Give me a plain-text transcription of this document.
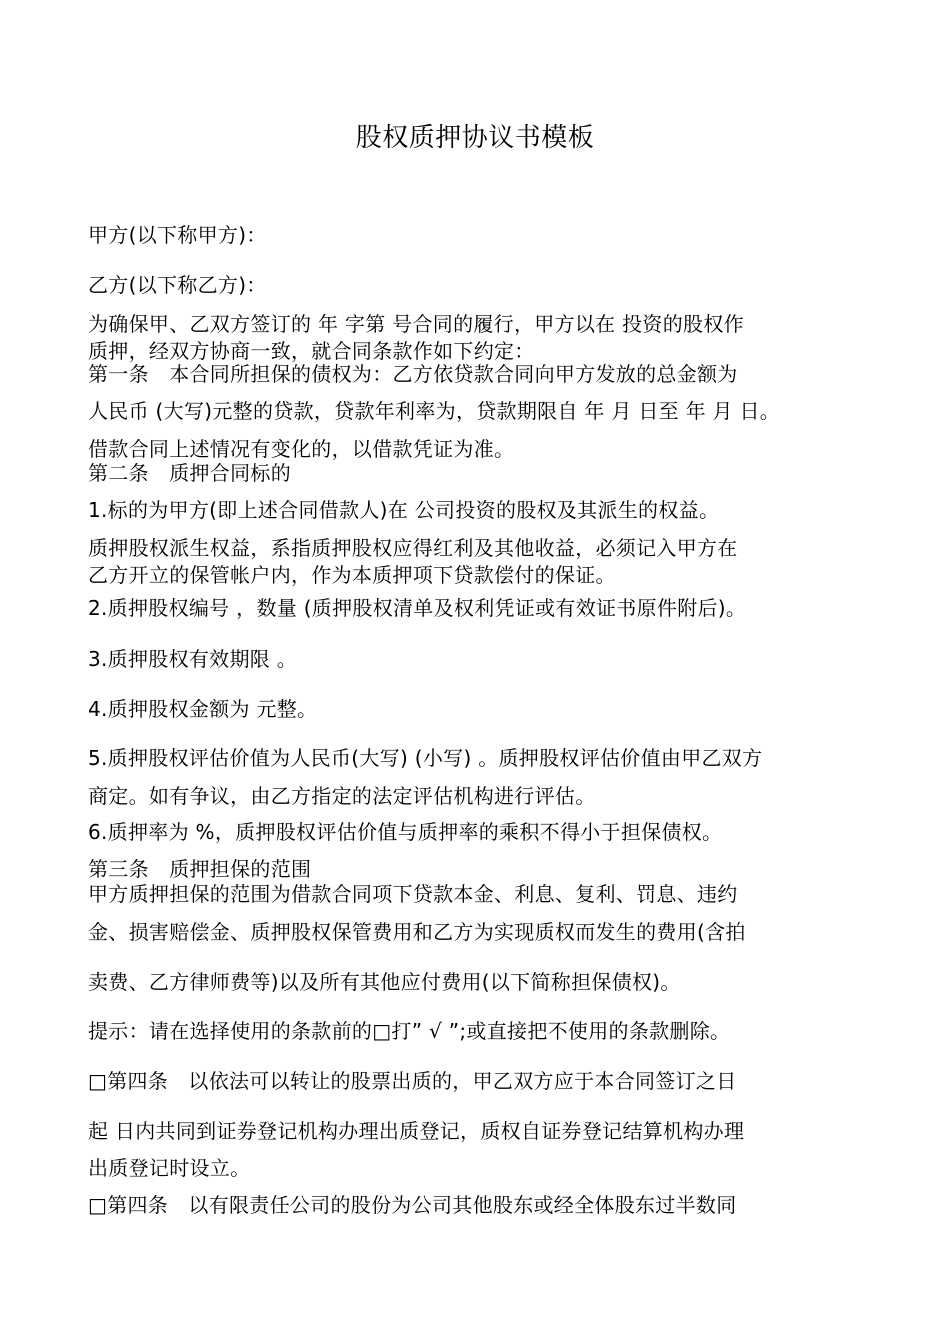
股权质押协议书模板
甲方(以下称甲方)：
乙方(以下称乙方)：
为确保甲、乙双方签订的 年 字第 号合同的履行，甲方以在 投资的股权作
质押，经双方协商一致，就合同条款作如下约定：
第一条　本合同所担保的债权为：乙方依贷款合同向甲方发放的总金额为
人民币 (大写)元整的贷款，贷款年利率为，贷款期限自 年 月 日至 年 月 日。
借款合同上述情况有变化的，以借款凭证为准。
第二条　质押合同标的
1.标的为甲方(即上述合同借款人)在 公司投资的股权及其派生的权益。
质押股权派生权益，系指质押股权应得红利及其他收益，必须记入甲方在
乙方开立的保管帐户内，作为本质押项下贷款偿付的保证。
2.质押股权编号 ，数量 (质押股权清单及权利凭证或有效证书原件附后)。
3.质押股权有效期限 。
4.质押股权金额为 元整。
5.质押股权评估价值为人民币(大写) (小写) 。质押股权评估价值由甲乙双方
商定。如有争议，由乙方指定的法定评估机构进行评估。
6.质押率为 %，质押股权评估价值与质押率的乘积不得小于担保债权。
第三条　质押担保的范围
甲方质押担保的范围为借款合同项下贷款本金、利息、复利、罚息、违约
金、损害赔偿金、质押股权保管费用和乙方为实现质权而发生的费用(含拍
卖费、乙方律师费等)以及所有其他应付费用(以下简称担保债权)。
提示：请在选择使用的条款前的□打” √ ”;或直接把不使用的条款删除。
□第四条　以依法可以转让的股票出质的，甲乙双方应于本合同签订之日
起 日内共同到证券登记机构办理出质登记，质权自证券登记结算机构办理
出质登记时设立。
□第四条　以有限责任公司的股份为公司其他股东或经全体股东过半数同
